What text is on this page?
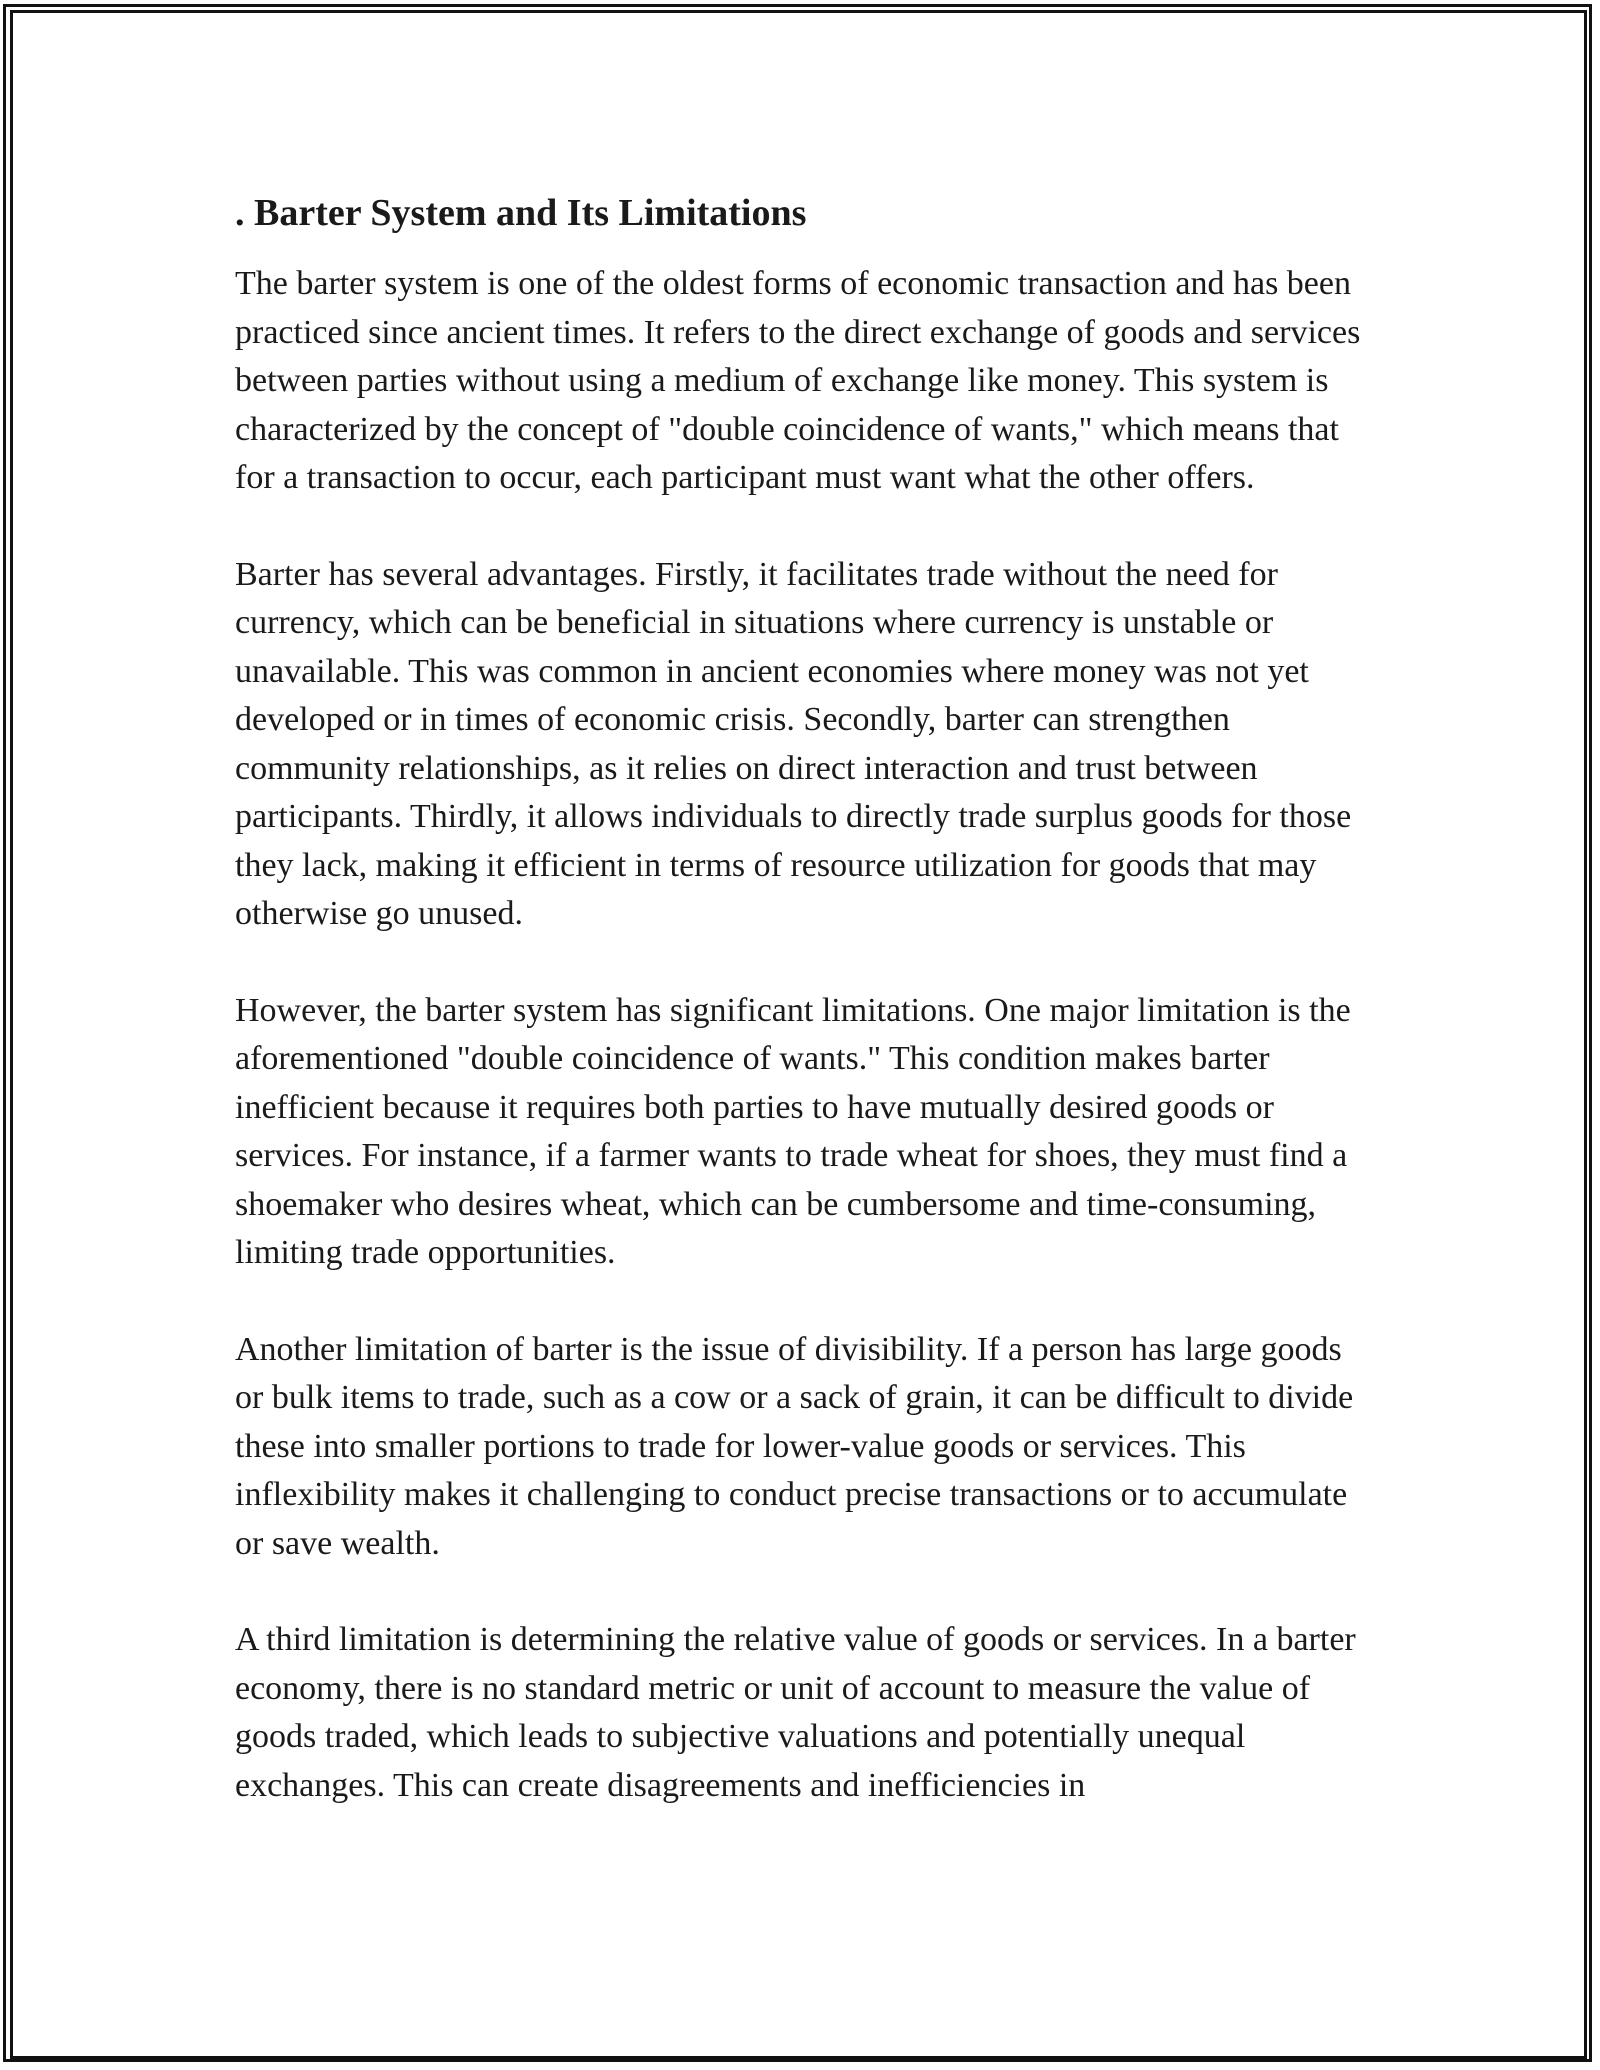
. Barter System and Its Limitations

The barter system is one of the oldest forms of economic transaction and has been practiced since ancient times. It refers to the direct exchange of goods and services between parties without using a medium of exchange like money. This system is characterized by the concept of "double coincidence of wants," which means that for a transaction to occur, each participant must want what the other offers.

Barter has several advantages. Firstly, it facilitates trade without the need for currency, which can be beneficial in situations where currency is unstable or unavailable. This was common in ancient economies where money was not yet developed or in times of economic crisis. Secondly, barter can strengthen community relationships, as it relies on direct interaction and trust between participants. Thirdly, it allows individuals to directly trade surplus goods for those they lack, making it efficient in terms of resource utilization for goods that may otherwise go unused.

However, the barter system has significant limitations. One major limitation is the aforementioned "double coincidence of wants." This condition makes barter inefficient because it requires both parties to have mutually desired goods or services. For instance, if a farmer wants to trade wheat for shoes, they must find a shoemaker who desires wheat, which can be cumbersome and time-consuming, limiting trade opportunities.

Another limitation of barter is the issue of divisibility. If a person has large goods or bulk items to trade, such as a cow or a sack of grain, it can be difficult to divide these into smaller portions to trade for lower-value goods or services. This inflexibility makes it challenging to conduct precise transactions or to accumulate or save wealth.

A third limitation is determining the relative value of goods or services. In a barter economy, there is no standard metric or unit of account to measure the value of goods traded, which leads to subjective valuations and potentially unequal exchanges. This can create disagreements and inefficiencies in
